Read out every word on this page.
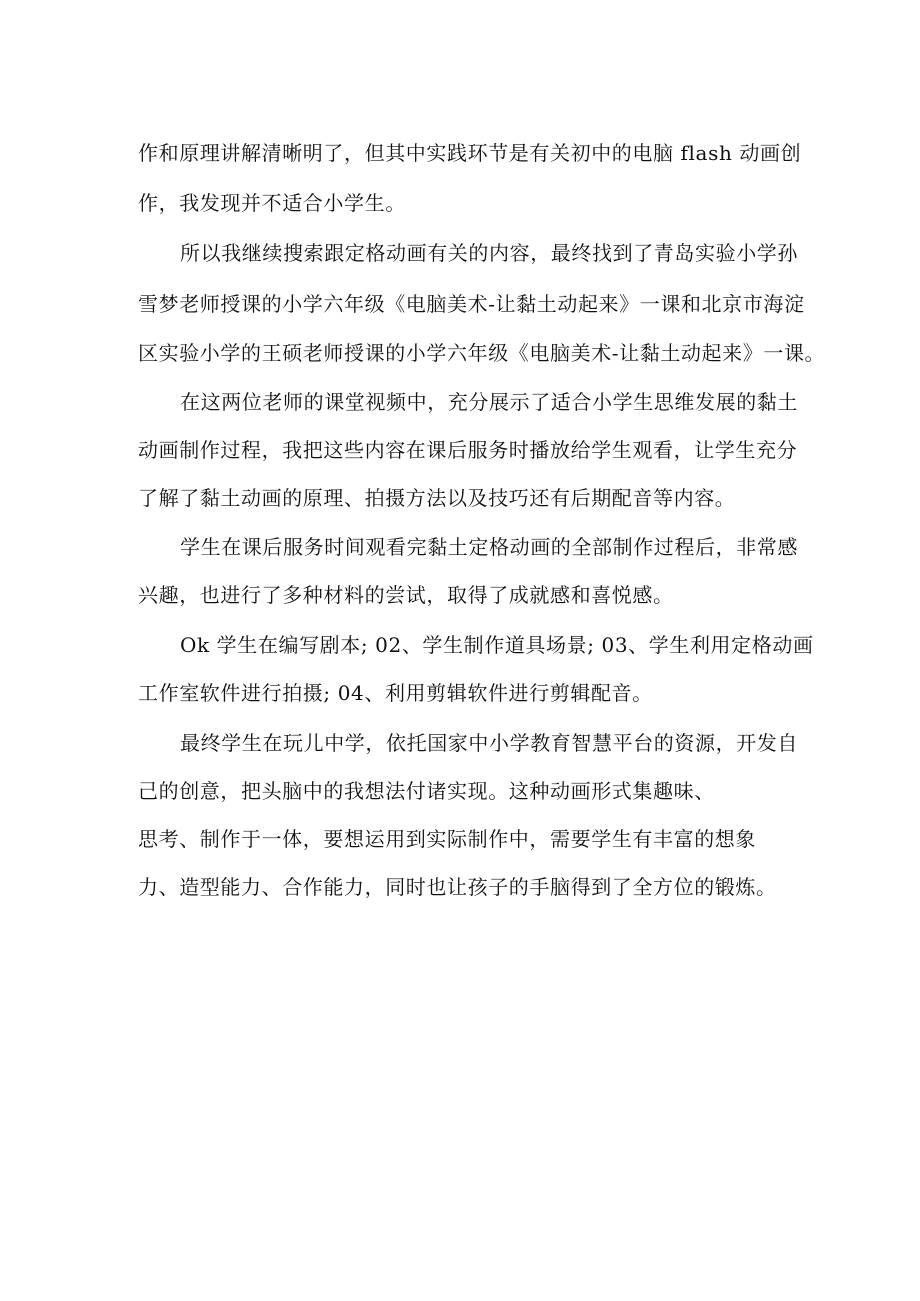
作和原理讲解清晰明了，但其中实践环节是有关初中的电脑 flash 动画创
作，我发现并不适合小学生。
所以我继续搜索跟定格动画有关的内容，最终找到了青岛实验小学孙
雪梦老师授课的小学六年级《电脑美术-让黏土动起来》一课和北京市海淀
区实验小学的王硕老师授课的小学六年级《电脑美术-让黏土动起来》一课。
在这两位老师的课堂视频中，充分展示了适合小学生思维发展的黏土
动画制作过程，我把这些内容在课后服务时播放给学生观看，让学生充分
了解了黏土动画的原理、拍摄方法以及技巧还有后期配音等内容。
学生在课后服务时间观看完黏土定格动画的全部制作过程后，非常感
兴趣，也进行了多种材料的尝试，取得了成就感和喜悦感。
Ok 学生在编写剧本; 02、学生制作道具场景; 03、学生利用定格动画
工作室软件进行拍摄; 04、利用剪辑软件进行剪辑配音。
最终学生在玩儿中学，依托国家中小学教育智慧平台的资源，开发自
己的创意，把头脑中的我想法付诸实现。这种动画形式集趣味、
思考、制作于一体，要想运用到实际制作中，需要学生有丰富的想象
力、造型能力、合作能力，同时也让孩子的手脑得到了全方位的锻炼。
